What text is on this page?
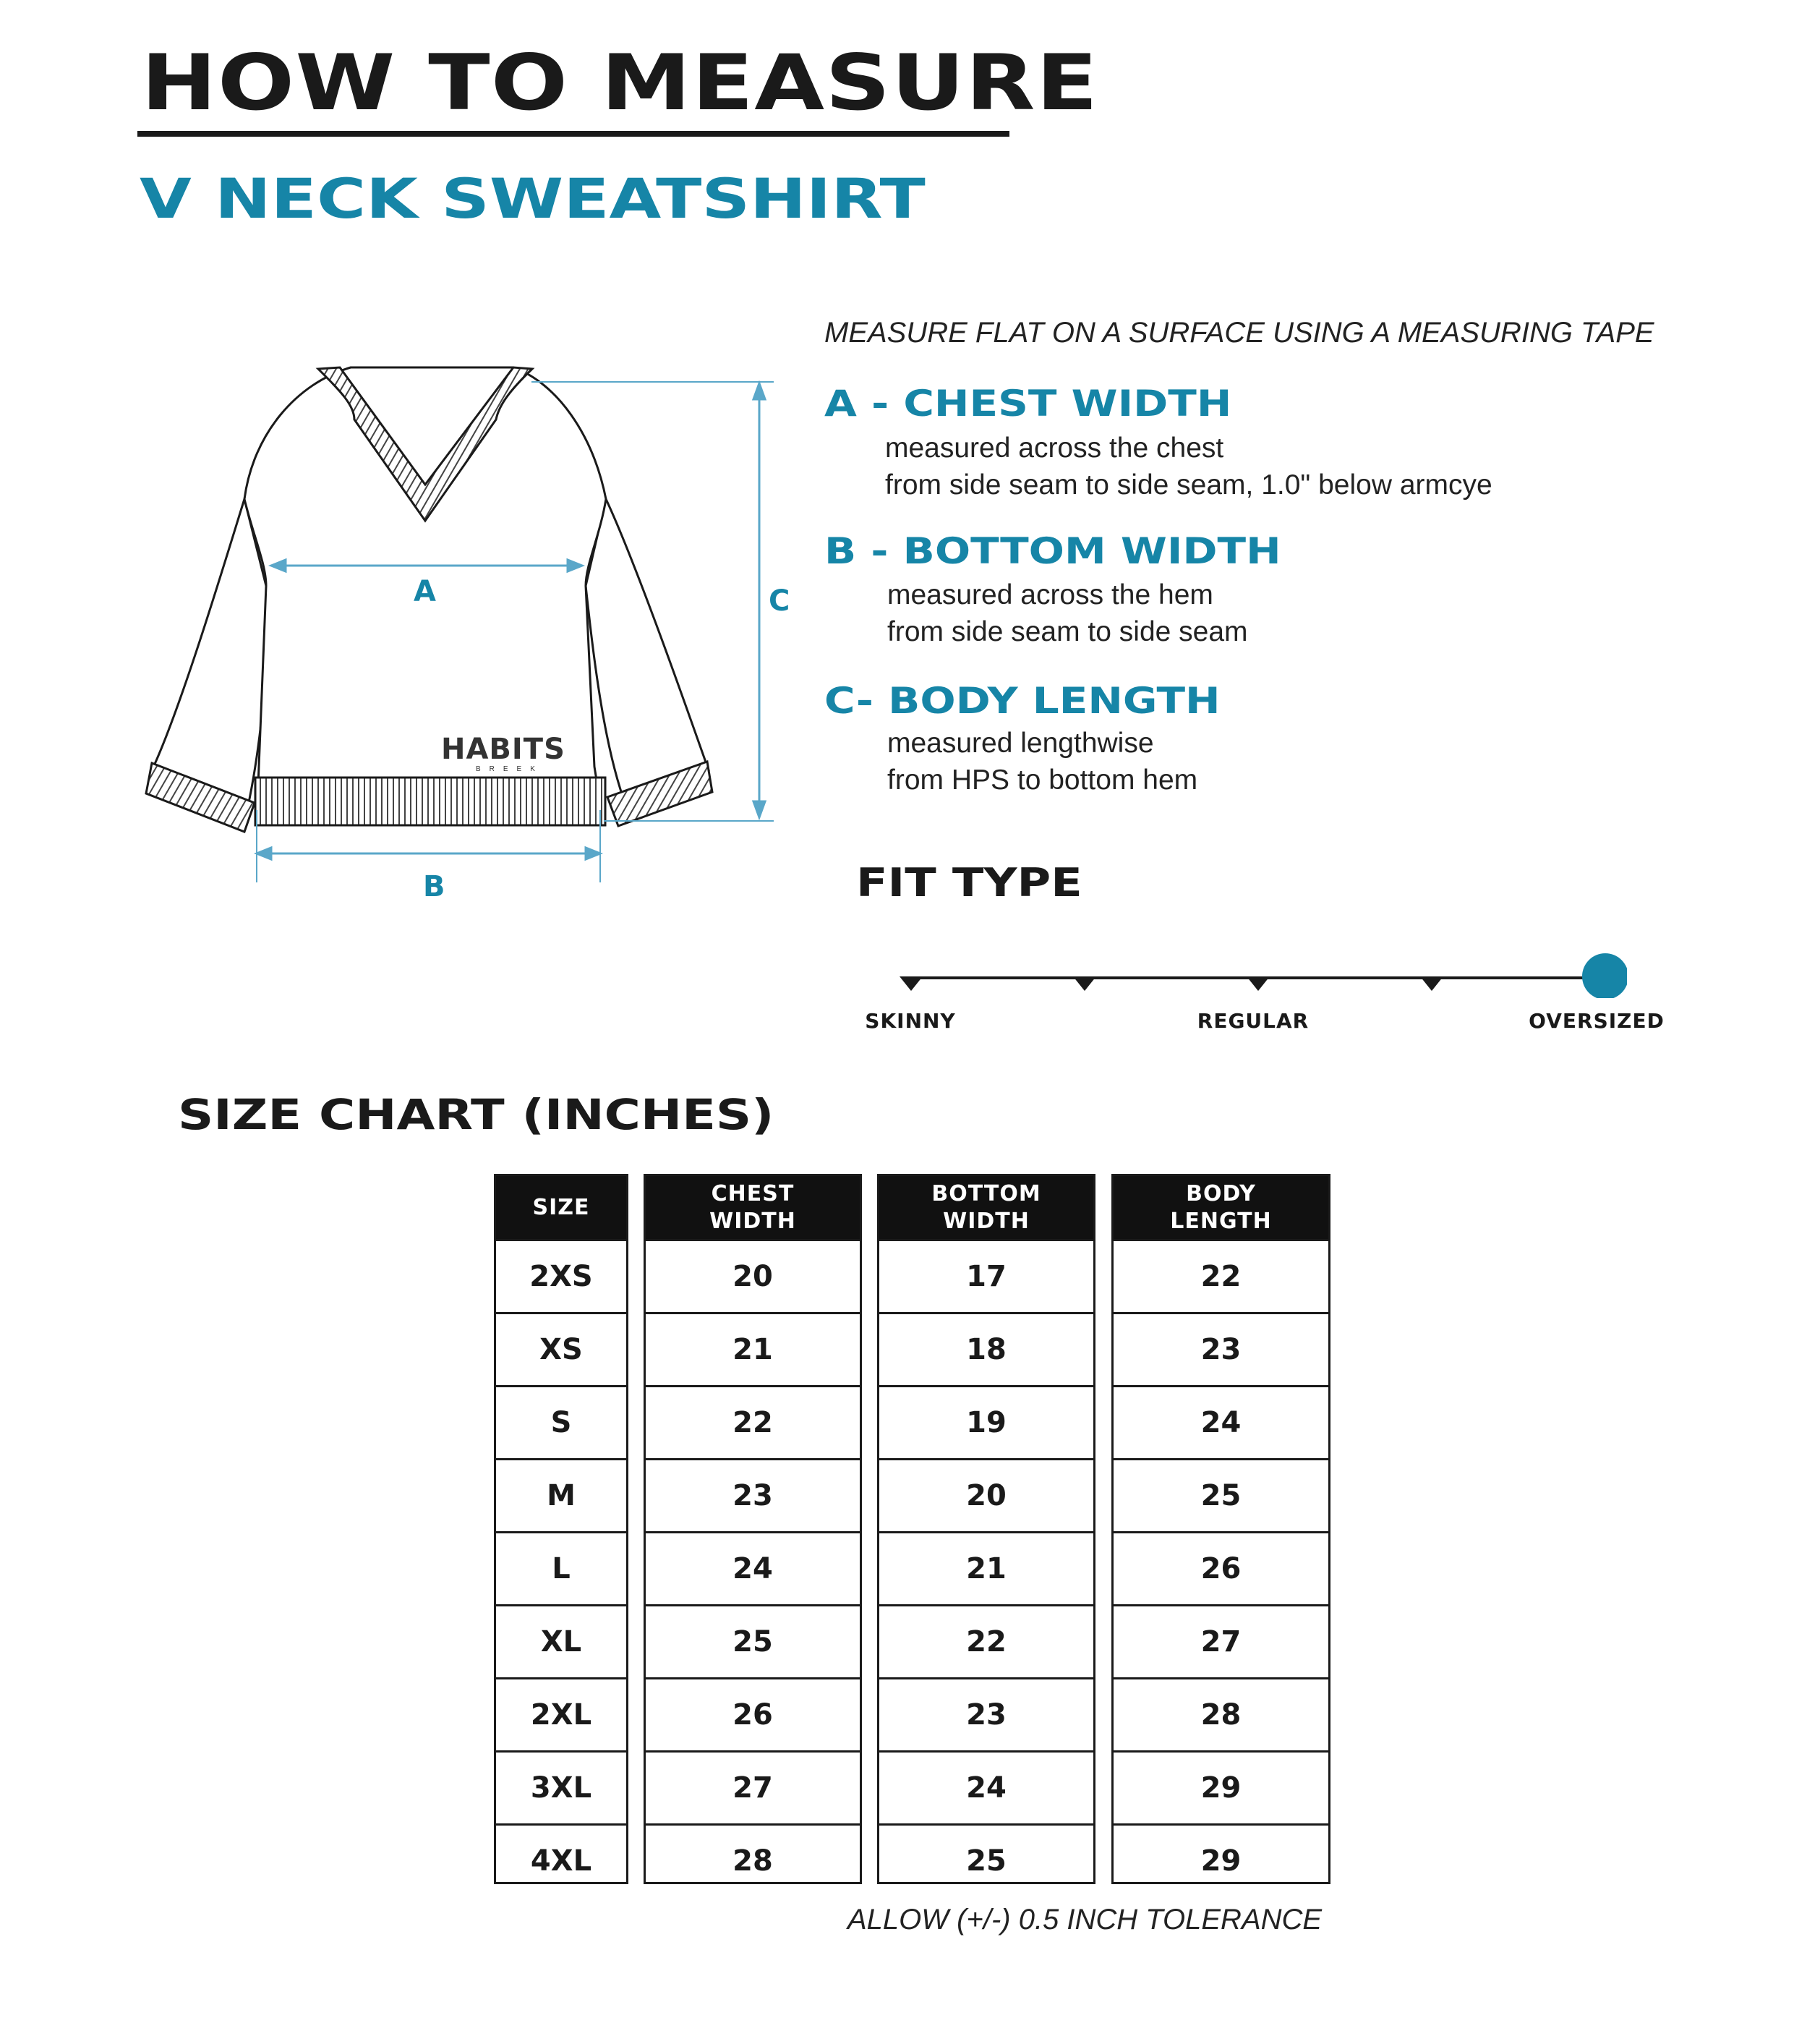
HOW TO MEASURE
V NECK SWEATSHIRT
A
B
C
HABITS
BREEK
MEASURE FLAT ON A SURFACE USING A MEASURING TAPE
A - CHEST WIDTH
measured across the chest
from side seam to side seam, 1.0" below armcye
B - BOTTOM WIDTH
measured across the hem
from side seam to side seam
C- BODY LENGTH
measured lengthwise
from HPS to bottom hem
FIT TYPE
SKINNY	REGULAR	OVERSIZED
SIZE CHART (INCHES)
SIZE
2XS
XS
S
M
L
XL
2XL
3XL
4XL
CHEST
WIDTH
20
21
22
23
24
25
26
27
28
BOTTOM
WIDTH
17
18
19
20
21
22
23
24
25
BODY
LENGTH
22
23
24
25
26
27
28
29
29
ALLOW (+/-) 0.5 INCH TOLERANCE
